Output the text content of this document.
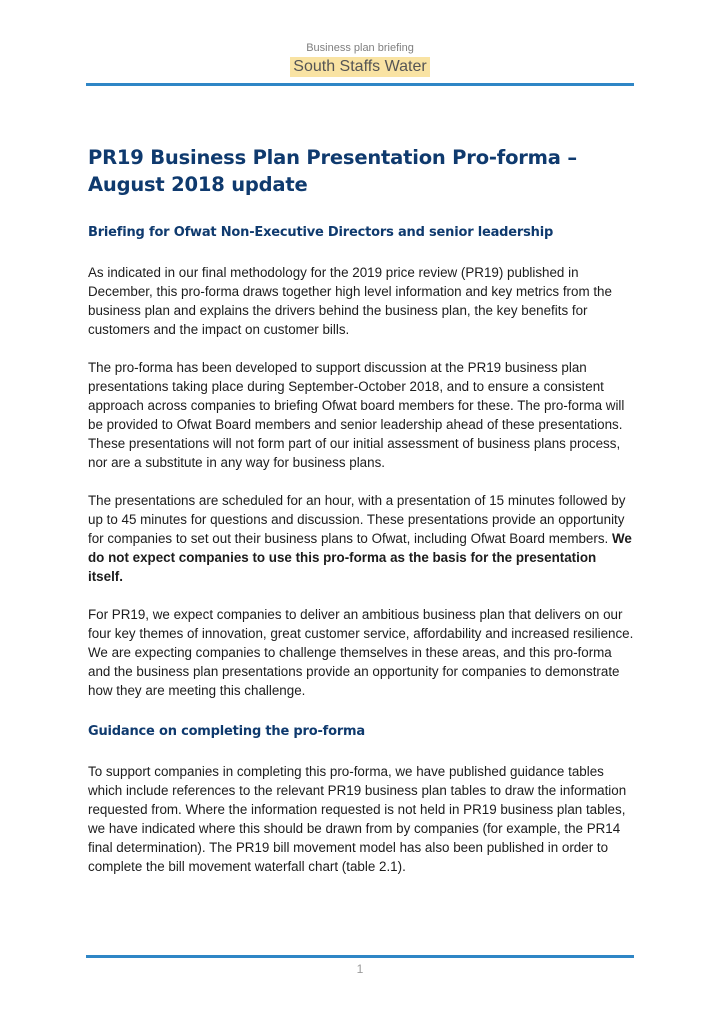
Business plan briefing
South Staffs Water
PR19 Business Plan Presentation Pro-forma – August 2018 update
Briefing for Ofwat Non-Executive Directors and senior leadership

As indicated in our final methodology for the 2019 price review (PR19) published in December, this pro-forma draws together high level information and key metrics from the business plan and explains the drivers behind the business plan, the key benefits for customers and the impact on customer bills.

The pro-forma has been developed to support discussion at the PR19 business plan presentations taking place during September-October 2018, and to ensure a consistent approach across companies to briefing Ofwat board members for these. The pro-forma will be provided to Ofwat Board members and senior leadership ahead of these presentations. These presentations will not form part of our initial assessment of business plans process, nor are a substitute in any way for business plans.

The presentations are scheduled for an hour, with a presentation of 15 minutes followed by up to 45 minutes for questions and discussion. These presentations provide an opportunity for companies to set out their business plans to Ofwat, including Ofwat Board members. We do not expect companies to use this pro-forma as the basis for the presentation itself.

For PR19, we expect companies to deliver an ambitious business plan that delivers on our four key themes of innovation, great customer service, affordability and increased resilience. We are expecting companies to challenge themselves in these areas, and this pro-forma and the business plan presentations provide an opportunity for companies to demonstrate how they are meeting this challenge.

Guidance on completing the pro-forma

To support companies in completing this pro-forma, we have published guidance tables which include references to the relevant PR19 business plan tables to draw the information requested from. Where the information requested is not held in PR19 business plan tables, we have indicated where this should be drawn from by companies (for example, the PR14 final determination). The PR19 bill movement model has also been published in order to complete the bill movement waterfall chart (table 2.1).

1
